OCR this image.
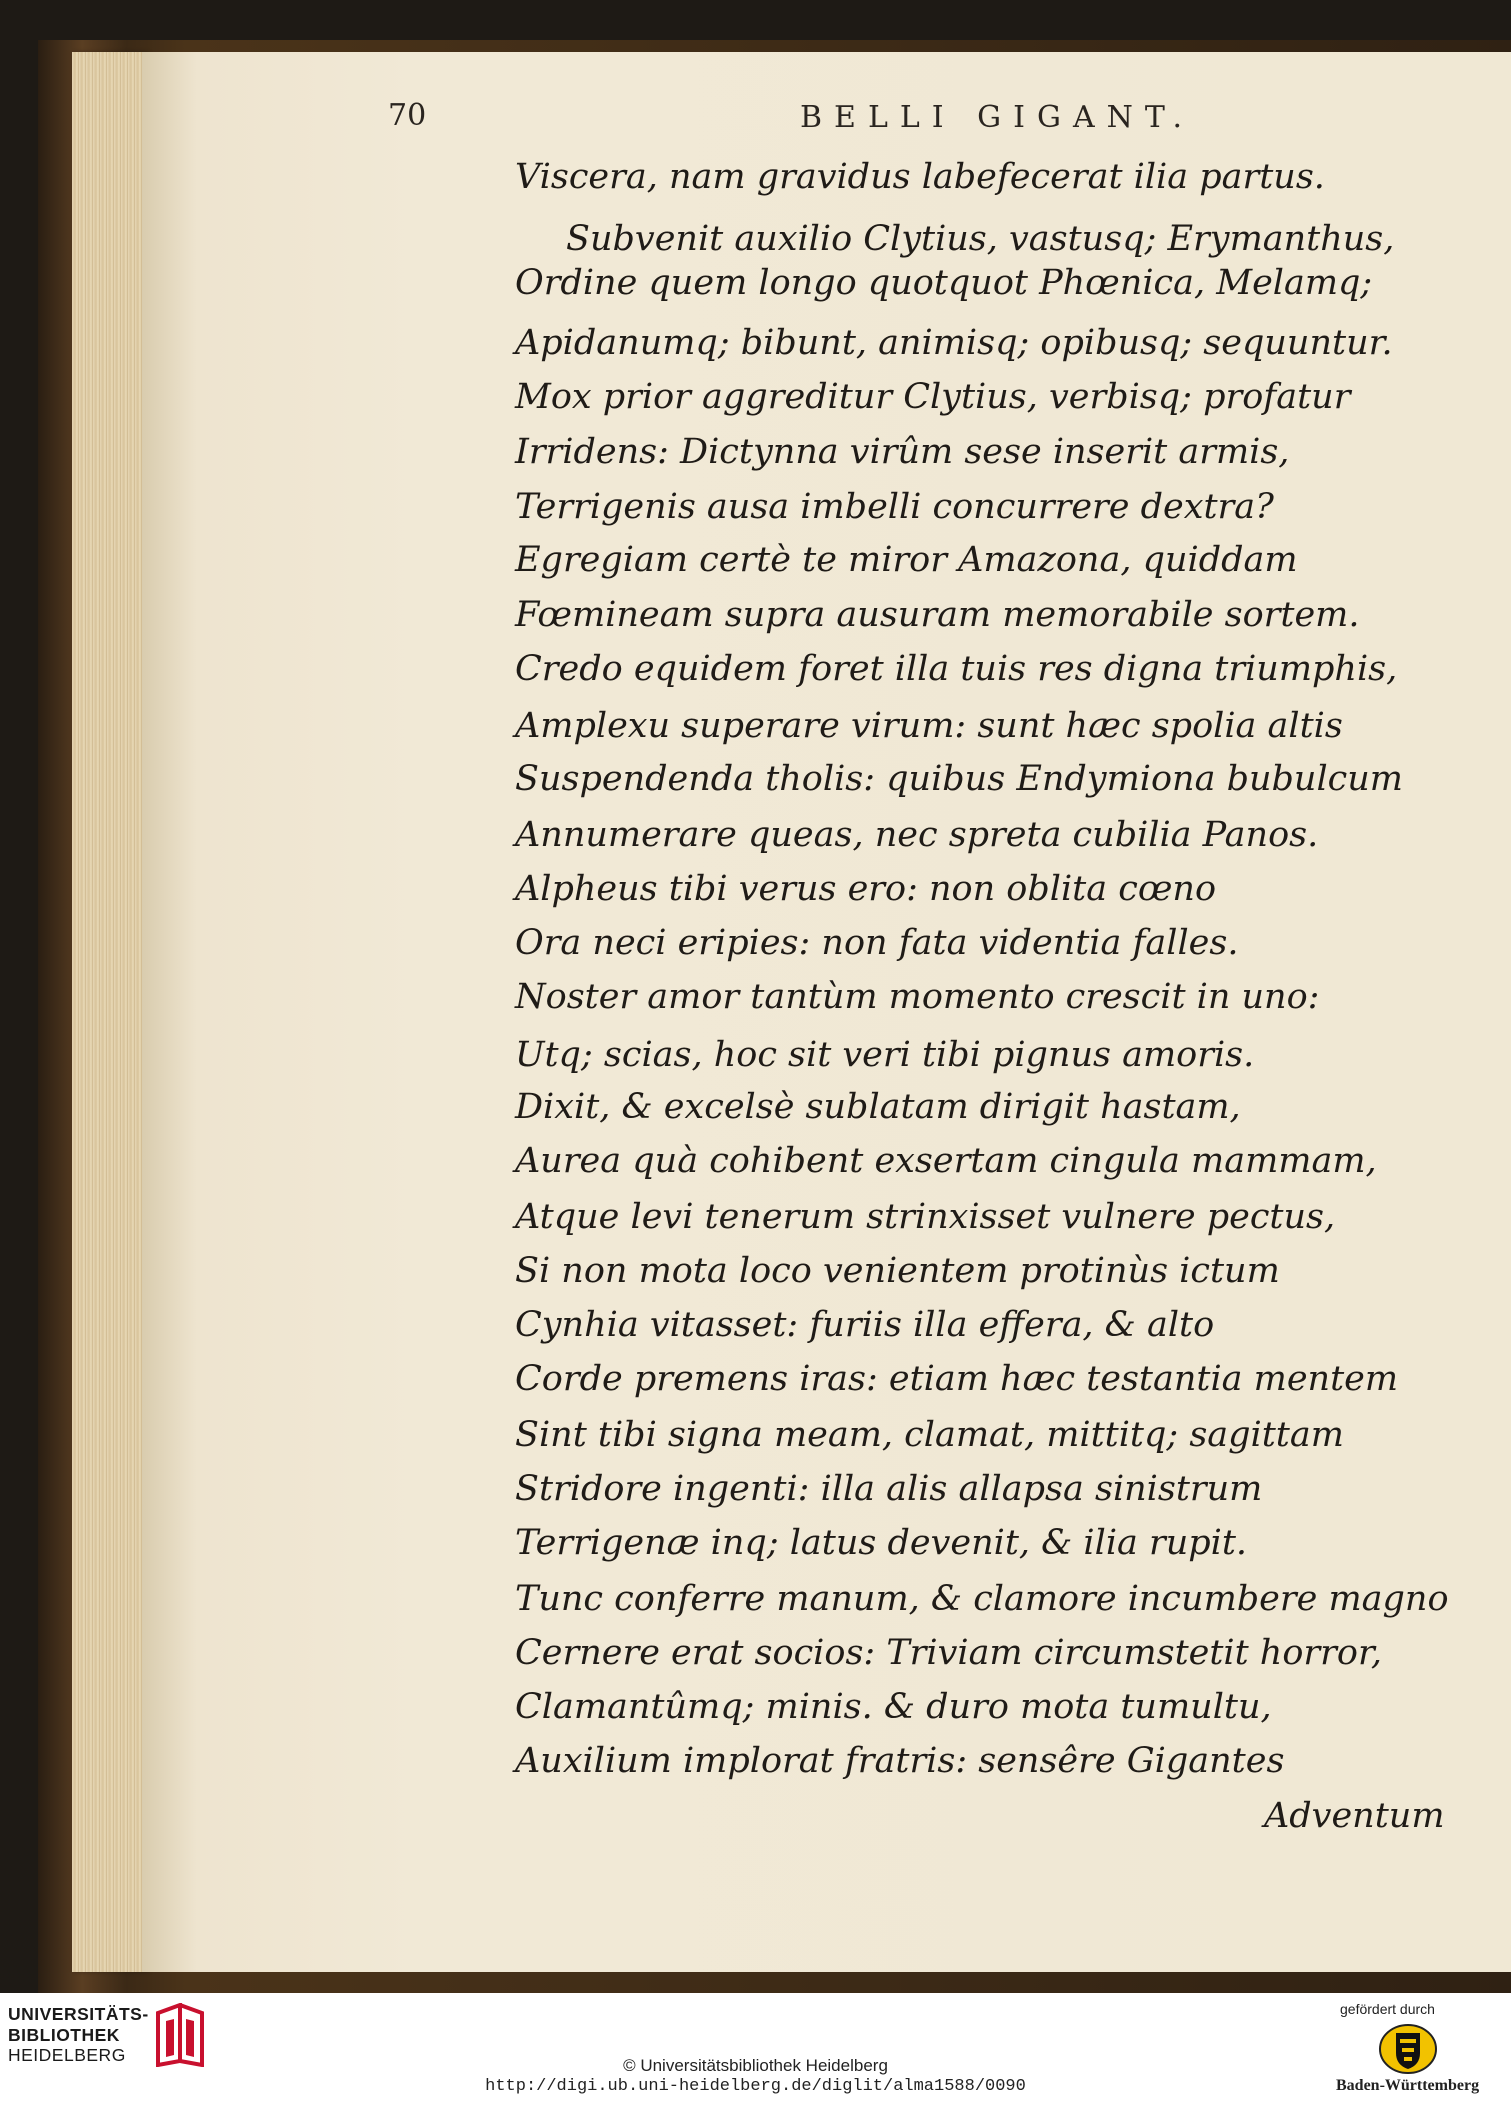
70	BELLI GIGANT.
Viscera, nam gravidus labefecerat ilia partus.
Subvenit auxilio Clytius, vastusq; Erymanthus,
Ordine quem longo quotquot Phœnica, Melamq;
Apidanumq; bibunt, animisq; opibusq; sequuntur.
Mox prior aggreditur Clytius, verbisq; profatur
Irridens: Dictynna virûm sese inserit armis,
Terrigenis ausa imbelli concurrere dextra?
Egregiam certè te miror Amazona, quiddam
Fœmineam supra ausuram memorabile sortem.
Credo equidem foret illa tuis res digna triumphis,
Amplexu superare virum: sunt hæc spolia altis
Suspendenda tholis: quibus Endymiona bubulcum
Annumerare queas, nec spreta cubilia Panos.
Alpheus tibi verus ero: non oblita cœno
Ora neci eripies: non fata videntia falles.
Noster amor tantùm momento crescit in uno:
Utq; scias, hoc sit veri tibi pignus amoris.
Dixit, & excelsè sublatam dirigit hastam,
Aurea quà cohibent exsertam cingula mammam,
Atque levi tenerum strinxisset vulnere pectus,
Si non mota loco venientem protinùs ictum
Cynhia vitasset: furiis illa effera, & alto
Corde premens iras: etiam hæc testantia mentem
Sint tibi signa meam, clamat, mittitq; sagittam
Stridore ingenti: illa alis allapsa sinistrum
Terrigenæ inq; latus devenit, & ilia rupit.
Tunc conferre manum, & clamore incumbere magno
Cernere erat socios: Triviam circumstetit horror,
Clamantûmq; minis. & duro mota tumultu,
Auxilium implorat fratris: sensêre Gigantes
Adventum
UNIVERSITÄTS-
BIBLIOTHEK
HEIDELBERG
© Universitätsbibliothek Heidelberg
http://digi.ub.uni-heidelberg.de/diglit/alma1588/0090
gefördert durch
Baden-Württemberg
